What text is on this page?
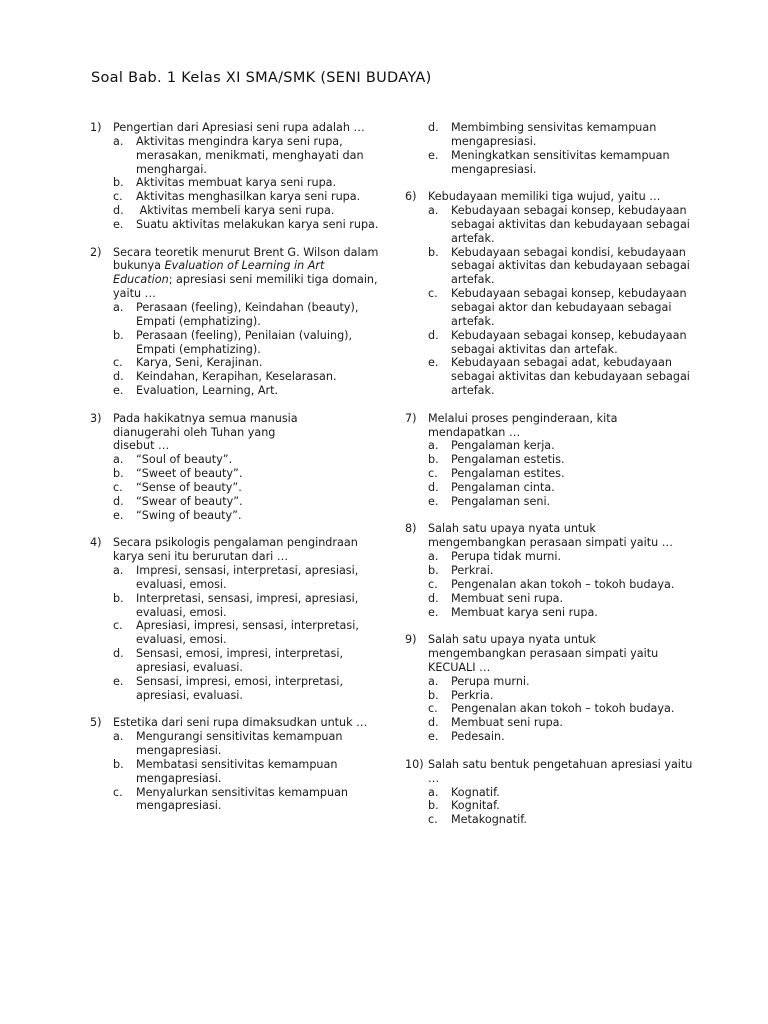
Soal Bab. 1 Kelas XI SMA/SMK (SENI BUDAYA)
1)	Pengertian dari Apresiasi seni rupa adalah …
a.	Aktivitas mengindra karya seni rupa, merasakan, menikmati, menghayati dan menghargai.
b.	Aktivitas membuat karya seni rupa.
c.	Aktivitas menghasilkan karya seni rupa.
d.	Aktivitas membeli karya seni rupa.
e.	Suatu aktivitas melakukan karya seni rupa.
2)	Secara teoretik menurut Brent G. Wilson dalam bukunya Evaluation of Learning in Art Education; apresiasi seni memiliki tiga domain, yaitu …
a.	Perasaan (feeling), Keindahan (beauty), Empati (emphatizing).
b.	Perasaan (feeling), Penilaian (valuing), Empati (emphatizing).
c.	Karya, Seni, Kerajinan.
d.	Keindahan, Kerapihan, Keselarasan.
e.	Evaluation, Learning, Art.
3)	Pada hakikatnya semua manusia dianugerahi oleh Tuhan yang disebut …
a.	“Soul of beauty”.
b.	“Sweet of beauty”.
c.	“Sense of beauty”.
d.	“Swear of beauty”.
e.	“Swing of beauty”.
4)	Secara psikologis pengalaman pengindraan karya seni itu berurutan dari …
a.	Impresi, sensasi, interpretasi, apresiasi, evaluasi, emosi.
b.	Interpretasi, sensasi, impresi, apresiasi, evaluasi, emosi.
c.	Apresiasi, impresi, sensasi, interpretasi, evaluasi, emosi.
d.	Sensasi, emosi, impresi, interpretasi, apresiasi, evaluasi.
e.	Sensasi, impresi, emosi, interpretasi, apresiasi, evaluasi.
5)	Estetika dari seni rupa dimaksudkan untuk …
a.	Mengurangi sensitivitas kemampuan mengapresiasi.
b.	Membatasi sensitivitas kemampuan mengapresiasi.
c.	Menyalurkan sensitivitas kemampuan mengapresiasi.
d.	Membimbing sensivitas kemampuan mengapresiasi.
e.	Meningkatkan sensitivitas kemampuan mengapresiasi.
6)	Kebudayaan memiliki tiga wujud, yaitu …
a.	Kebudayaan sebagai konsep, kebudayaan sebagai aktivitas dan kebudayaan sebagai artefak.
b.	Kebudayaan sebagai kondisi, kebudayaan sebagai aktivitas dan kebudayaan sebagai artefak.
c.	Kebudayaan sebagai konsep, kebudayaan sebagai aktor dan kebudayaan sebagai artefak.
d.	Kebudayaan sebagai konsep, kebudayaan sebagai aktivitas dan artefak.
e.	Kebudayaan sebagai adat, kebudayaan sebagai aktivitas dan kebudayaan sebagai artefak.
7)	Melalui proses penginderaan, kita mendapatkan …
a.	Pengalaman kerja.
b.	Pengalaman estetis.
c.	Pengalaman estites.
d.	Pengalaman cinta.
e.	Pengalaman seni.
8)	Salah satu upaya nyata untuk mengembangkan perasaan simpati yaitu …
a.	Perupa tidak murni.
b.	Perkrai.
c.	Pengenalan akan tokoh – tokoh budaya.
d.	Membuat seni rupa.
e.	Membuat karya seni rupa.
9)	Salah satu upaya nyata untuk mengembangkan perasaan simpati yaitu KECUALI …
a.	Perupa murni.
b.	Perkria.
c.	Pengenalan akan tokoh – tokoh budaya.
d.	Membuat seni rupa.
e.	Pedesain.
10) Salah satu bentuk pengetahuan apresiasi yaitu …
a.	Kognatif.
b.	Kognitaf.
c.	Metakognatif.
